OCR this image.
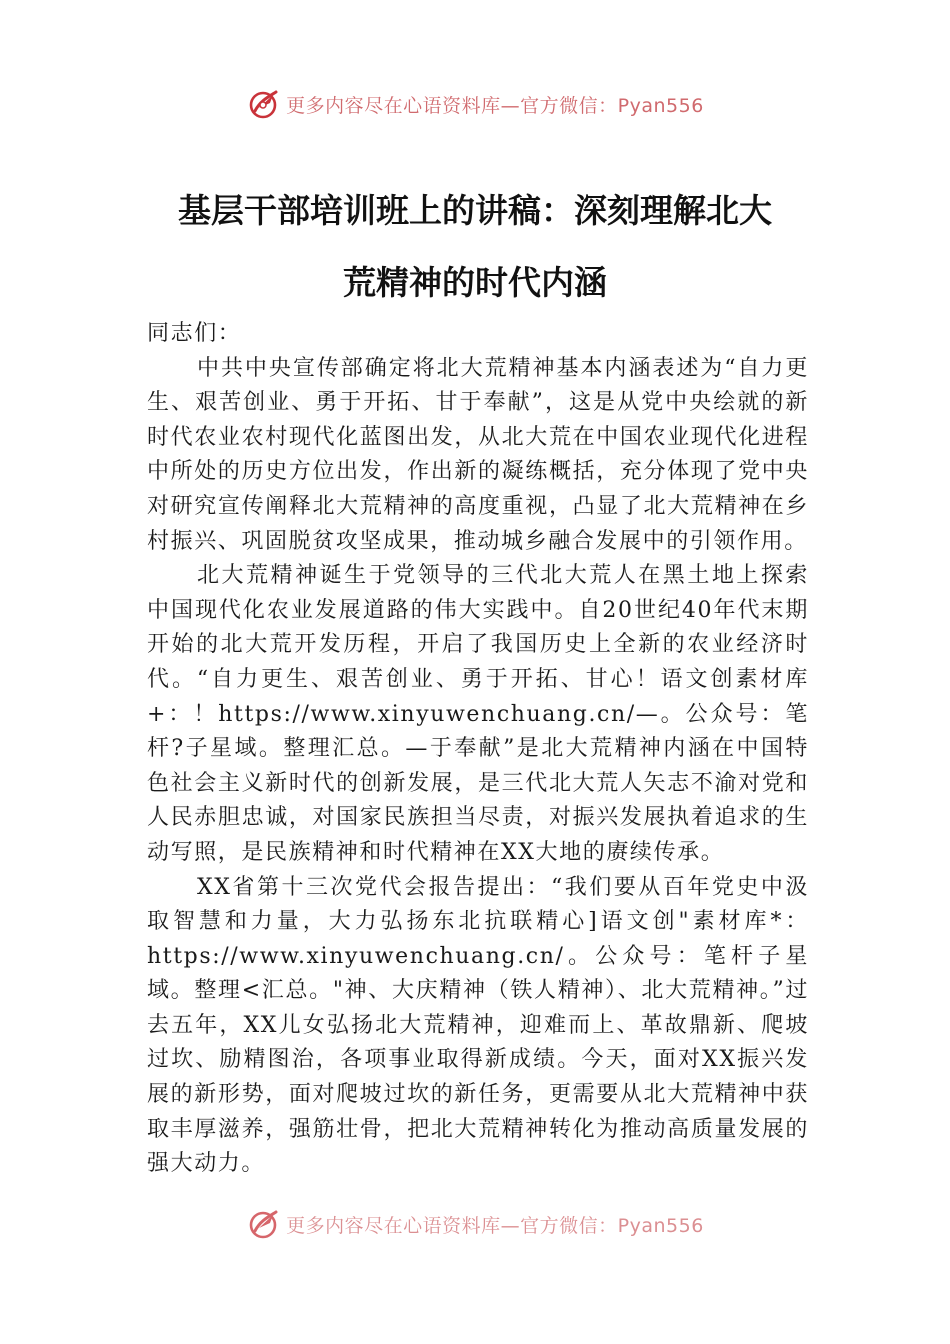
更多内容尽在心语资料库—官方微信：Pyan556
基层干部培训班上的讲稿：深刻理解北大
荒精神的时代内涵

同志们：

中共中央宣传部确定将北大荒精神基本内涵表述为“自力更生、艰苦创业、勇于开拓、甘于奉献”，这是从党中央绘就的新时代农业农村现代化蓝图出发，从北大荒在中国农业现代化进程中所处的历史方位出发，作出新的凝练概括，充分体现了党中央对研究宣传阐释北大荒精神的高度重视，凸显了北大荒精神在乡村振兴、巩固脱贫攻坚成果，推动城乡融合发展中的引领作用。

北大荒精神诞生于党领导的三代北大荒人在黑土地上探索中国现代化农业发展道路的伟大实践中。自20世纪40年代末期开始的北大荒开发历程，开启了我国历史上全新的农业经济时代。“自力更生、艰苦创业、勇于开拓、甘心！语文创素材库+：！https://www.xinyuwenchuang.cn/—。公众号：笔杆?子星域。整理汇总。—于奉献”是北大荒精神内涵在中国特色社会主义新时代的创新发展，是三代北大荒人矢志不渝对党和人民赤胆忠诚，对国家民族担当尽责，对振兴发展执着追求的生动写照，是民族精神和时代精神在XX大地的赓续传承。

XX省第十三次党代会报告提出：“我们要从百年党史中汲取智慧和力量，大力弘扬东北抗联精心]语文创"素材库*：https://www.xinyuwenchuang.cn/。公众号：笔杆子星域。整理<汇总。"神、大庆精神（铁人精神）、北大荒精神。”过去五年，XX儿女弘扬北大荒精神，迎难而上、革故鼎新、爬坡过坎、励精图治，各项事业取得新成绩。今天，面对XX振兴发展的新形势，面对爬坡过坎的新任务，更需要从北大荒精神中获取丰厚滋养，强筋壮骨，把北大荒精神转化为推动高质量发展的强大动力。

更多内容尽在心语资料库—官方微信：Pyan556
